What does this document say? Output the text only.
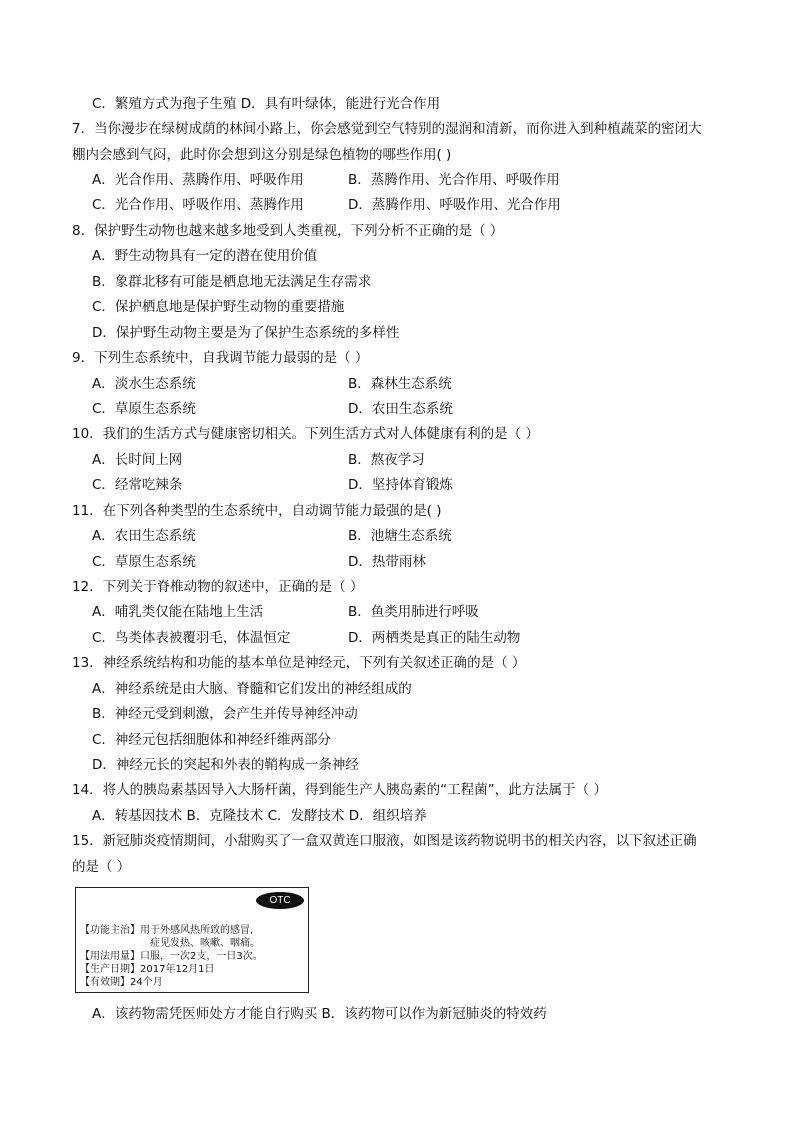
C．繁殖方式为孢子生殖 D．具有叶绿体，能进行光合作用
7．当你漫步在绿树成荫的林间小路上，你会感觉到空气特别的湿润和清新，而你进入到种植蔬菜的密闭大
棚内会感到气闷，此时你会想到这分别是绿色植物的哪些作用( )
A．光合作用、蒸腾作用、呼吸作用	B．蒸腾作用、光合作用、呼吸作用
C．光合作用、呼吸作用、蒸腾作用	D．蒸腾作用、呼吸作用、光合作用
8．保护野生动物也越来越多地受到人类重视，下列分析不正确的是（ ）
A．野生动物具有一定的潜在使用价值
B．象群北移有可能是栖息地无法满足生存需求
C．保护栖息地是保护野生动物的重要措施
D．保护野生动物主要是为了保护生态系统的多样性
9．下列生态系统中，自我调节能力最弱的是（ ）
A．淡水生态系统	B．森林生态系统
C．草原生态系统	D．农田生态系统
10．我们的生活方式与健康密切相关。下列生活方式对人体健康有利的是（ ）
A．长时间上网	B．熬夜学习
C．经常吃辣条	D．坚持体育锻炼
11．在下列各种类型的生态系统中，自动调节能力最强的是( )
A．农田生态系统	B．池塘生态系统
C．草原生态系统	D．热带雨林
12．下列关于脊椎动物的叙述中，正确的是（ ）
A．哺乳类仅能在陆地上生活	B．鱼类用肺进行呼吸
C．鸟类体表被覆羽毛，体温恒定	D．两栖类是真正的陆生动物
13．神经系统结构和功能的基本单位是神经元，下列有关叙述正确的是（ ）
A．神经系统是由大脑、脊髓和它们发出的神经组成的
B．神经元受到刺激，会产生并传导神经冲动
C．神经元包括细胞体和神经纤维两部分
D．神经元长的突起和外表的鞘构成一条神经
14．将人的胰岛素基因导入大肠杆菌，得到能生产人胰岛素的“工程菌”，此方法属于（ ）
A．转基因技术 B．克隆技术 C．发酵技术 D．组织培养
15．新冠肺炎疫情期间，小甜购买了一盒双黄连口服液，如图是该药物说明书的相关内容，以下叙述正确
的是（ ）
OTC
【功能主治】用于外感风热所致的感冒,
症见发热、咳嗽、咽痛。
【用法用量】口服，一次2支，一日3次。
【生产日期】2017年12月1日
【有效期】24个月
A．该药物需凭医师处方才能自行购买 B．该药物可以作为新冠肺炎的特效药
